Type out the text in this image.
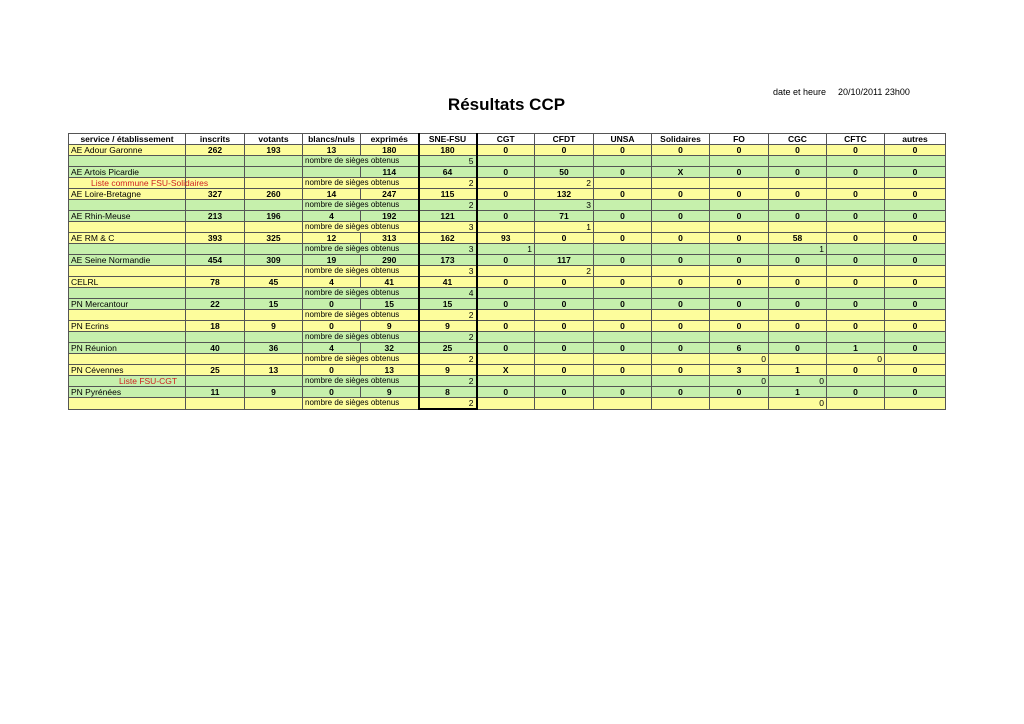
date et heure 20/10/2011 23h00
Résultats CCP
service / établissement	inscrits	votants	blancs/nuls	exprimés	SNE-FSU	CGT	CFDT	UNSA	Solidaires	FO	CGC	CFTC	autres
AE Adour Garonne	262	193	13	180	180	0	0	0	0	0	0	0	0
			nombre de sièges obtenus		5								
AE Artois Picardie				114	64	0	50	0	X	0	0	0	0
Liste commune FSU-Solidaires			nombre de sièges obtenus		2		2						
AE Loire-Bretagne	327	260	14	247	115	0	132	0	0	0	0	0	0
			nombre de sièges obtenus		2		3						
AE Rhin-Meuse	213	196	4	192	121	0	71	0	0	0	0	0	0
			nombre de sièges obtenus		3		1						
AE RM & C	393	325	12	313	162	93	0	0	0	0	58	0	0
			nombre de sièges obtenus		3	1					1		
AE Seine Normandie	454	309	19	290	173	0	117	0	0	0	0	0	0
			nombre de sièges obtenus		3		2						
CELRL	78	45	4	41	41	0	0	0	0	0	0	0	0
			nombre de sièges obtenus		4								
PN Mercantour	22	15	0	15	15	0	0	0	0	0	0	0	0
			nombre de sièges obtenus		2								
PN Ecrins	18	9	0	9	9	0	0	0	0	0	0	0	0
			nombre de sièges obtenus		2								
PN Réunion	40	36	4	32	25	0	0	0	0	6	0	1	0
			nombre de sièges obtenus		2					0		0	
PN Cévennes	25	13	0	13	9	X	0	0	0	3	1	0	0
Liste FSU-CGT			nombre de sièges obtenus		2					0	0		
PN Pyrénées	11	9	0	9	8	0	0	0	0	0	1	0	0
			nombre de sièges obtenus		2						0		
